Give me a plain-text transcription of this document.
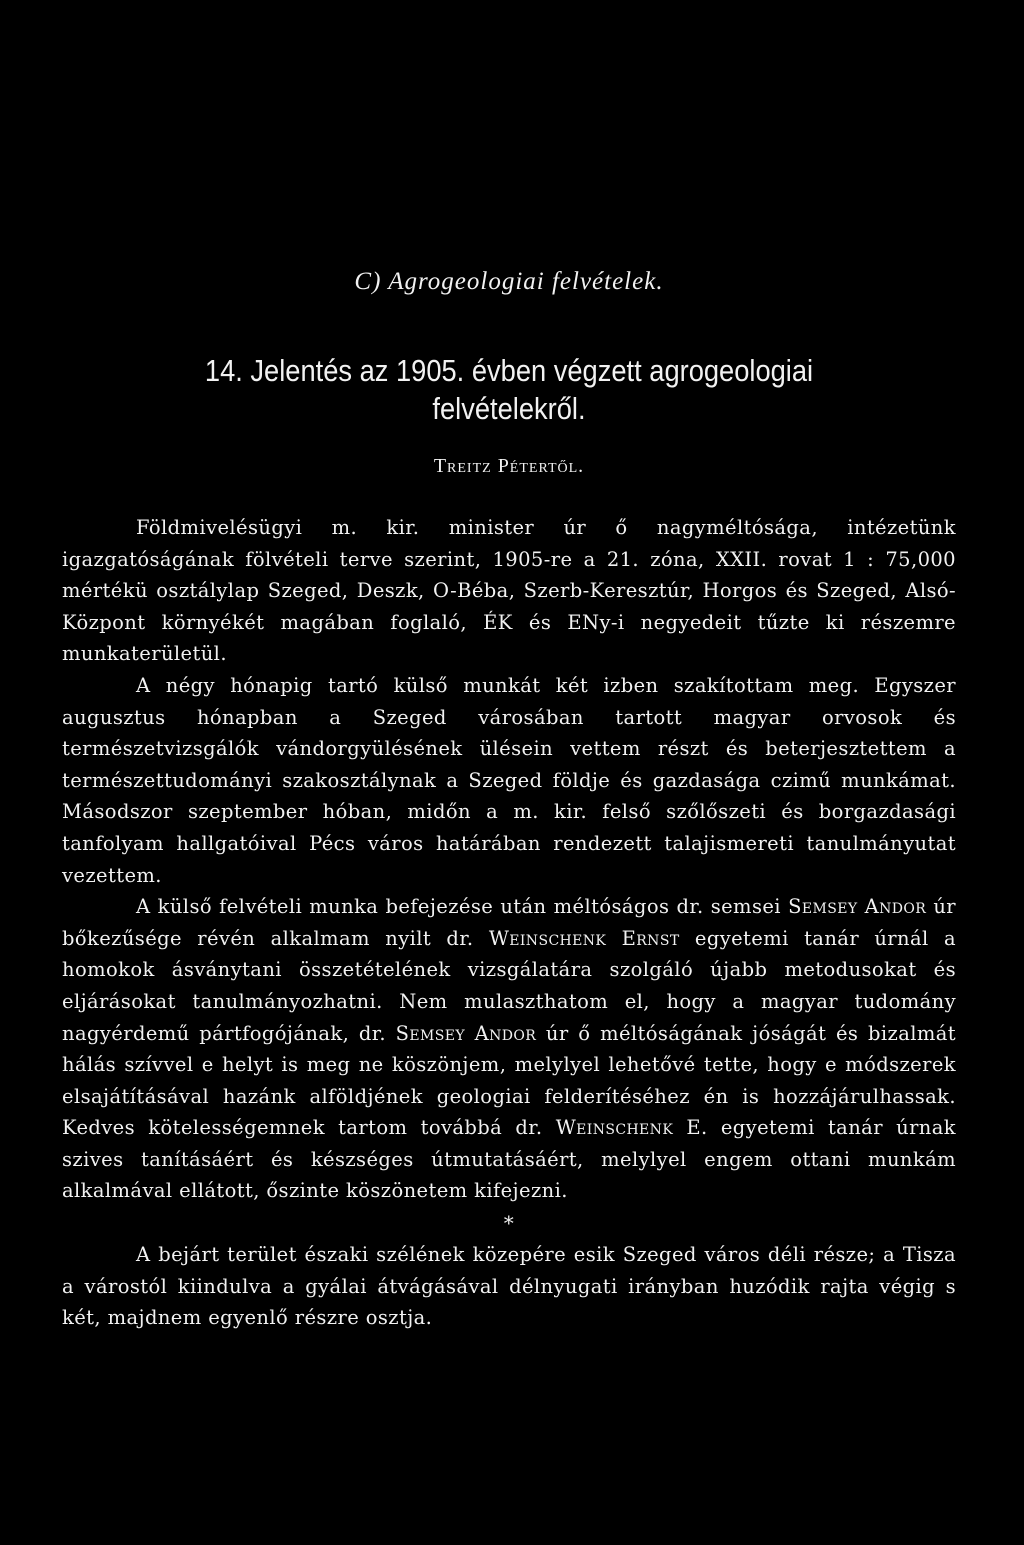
C) Agrogeologiai felvételek.
14. Jelentés az 1905. évben végzett agrogeologiai
felvételekről.
Treitz Pétertől.

Földmivelésügyi m. kir. minister úr ő nagyméltósága, intézetünk igazgatóságának fölvételi terve szerint, 1905-re a 21. zóna, XXII. rovat 1 : 75,000 mértékü osztálylap Szeged, Deszk, O-Béba, Szerb-Keresztúr, Horgos és Szeged, Alsó-Központ környékét magában foglaló, ÉK és ENy-i negyedeit tűzte ki részemre munkaterületül.

A négy hónapig tartó külső munkát két izben szakítottam meg. Egyszer augusztus hónapban a Szeged városában tartott magyar orvosok és természetvizsgálók vándorgyülésének ülésein vettem részt és beterjesztettem a természettudományi szakosztálynak a Szeged földje és gazdasága czimű munkámat. Másodszor szeptember hóban, midőn a m. kir. felső szőlőszeti és borgazdasági tanfolyam hallgatóival Pécs város határában rendezett talajismereti tanulmányutat vezettem.

A külső felvételi munka befejezése után méltóságos dr. semsei Semsey Andor úr bőkezűsége révén alkalmam nyilt dr. Weinschenk Ernst egyetemi tanár úrnál a homokok ásványtani összetételének vizsgálatára szolgáló újabb metodusokat és eljárásokat tanulmányozhatni. Nem mulaszthatom el, hogy a magyar tudomány nagyérdemű pártfogójának, dr. Semsey Andor úr ő méltóságának jóságát és bizalmát hálás szívvel e helyt is meg ne köszönjem, melylyel lehetővé tette, hogy e módszerek elsajátításával hazánk alföldjének geologiai felderítéséhez én is hozzájárulhassak. Kedves kötelességemnek tartom továbbá dr. Weinschenk E. egyetemi tanár úrnak szives tanításáért és készséges útmutatásáért, melylyel engem ottani munkám alkalmával ellátott, őszinte köszönetem kifejezni.

*

A bejárt terület északi szélének közepére esik Szeged város déli része; a Tisza a várostól kiindulva a gyálai átvágásával délnyugati irányban huzódik rajta végig s két, majdnem egyenlő részre osztja.
